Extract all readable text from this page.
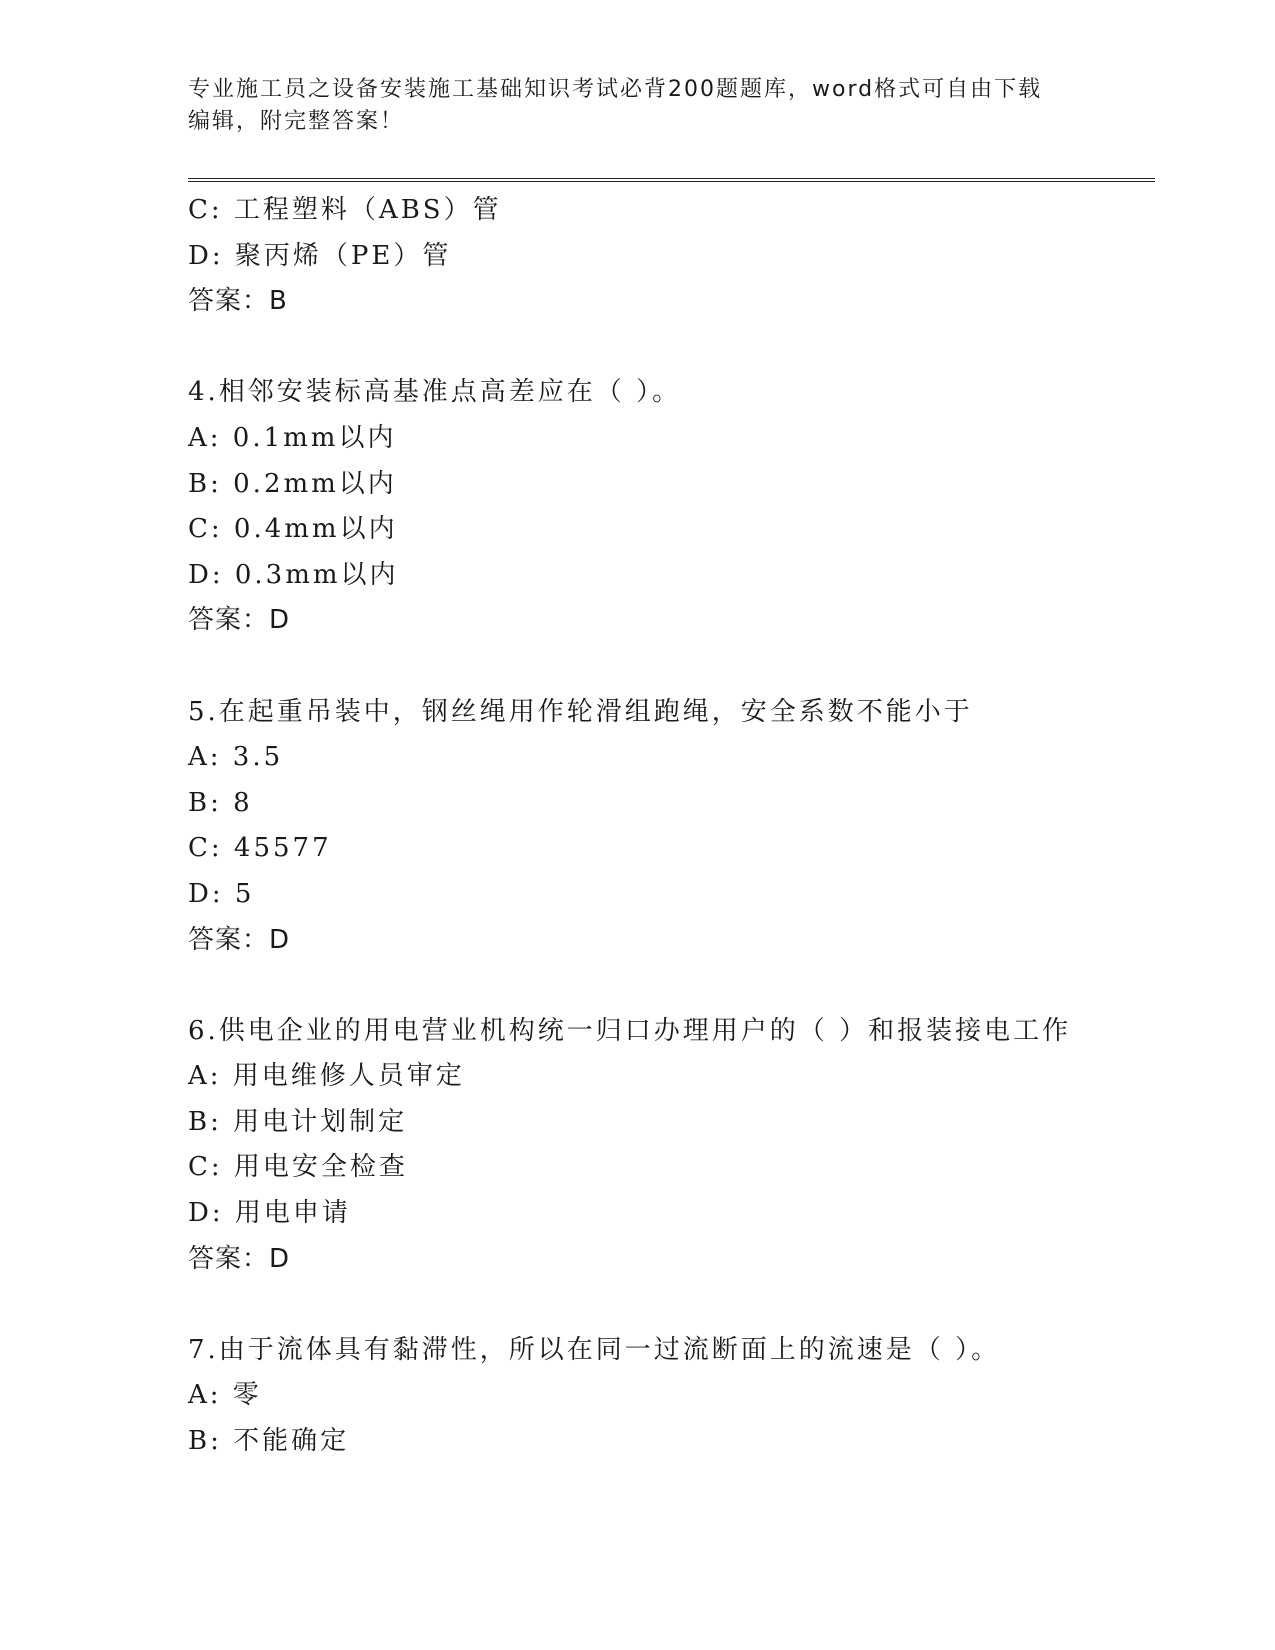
专业施工员之设备安装施工基础知识考试必背200题题库，word格式可自由下载
编辑，附完整答案！
C: 工程塑料（ABS）管
D: 聚丙烯（PE）管
答案：B
4.相邻安装标高基准点高差应在（ ）。
A: 0.1mm以内
B: 0.2mm以内
C: 0.4mm以内
D: 0.3mm以内
答案：D
5.在起重吊装中，钢丝绳用作轮滑组跑绳，安全系数不能小于
A: 3.5
B: 8
C: 45577
D: 5
答案：D
6.供电企业的用电营业机构统一归口办理用户的（ ）和报装接电工作
A: 用电维修人员审定
B: 用电计划制定
C: 用电安全检查
D: 用电申请
答案：D
7.由于流体具有黏滞性，所以在同一过流断面上的流速是（ ）。
A: 零
B: 不能确定
